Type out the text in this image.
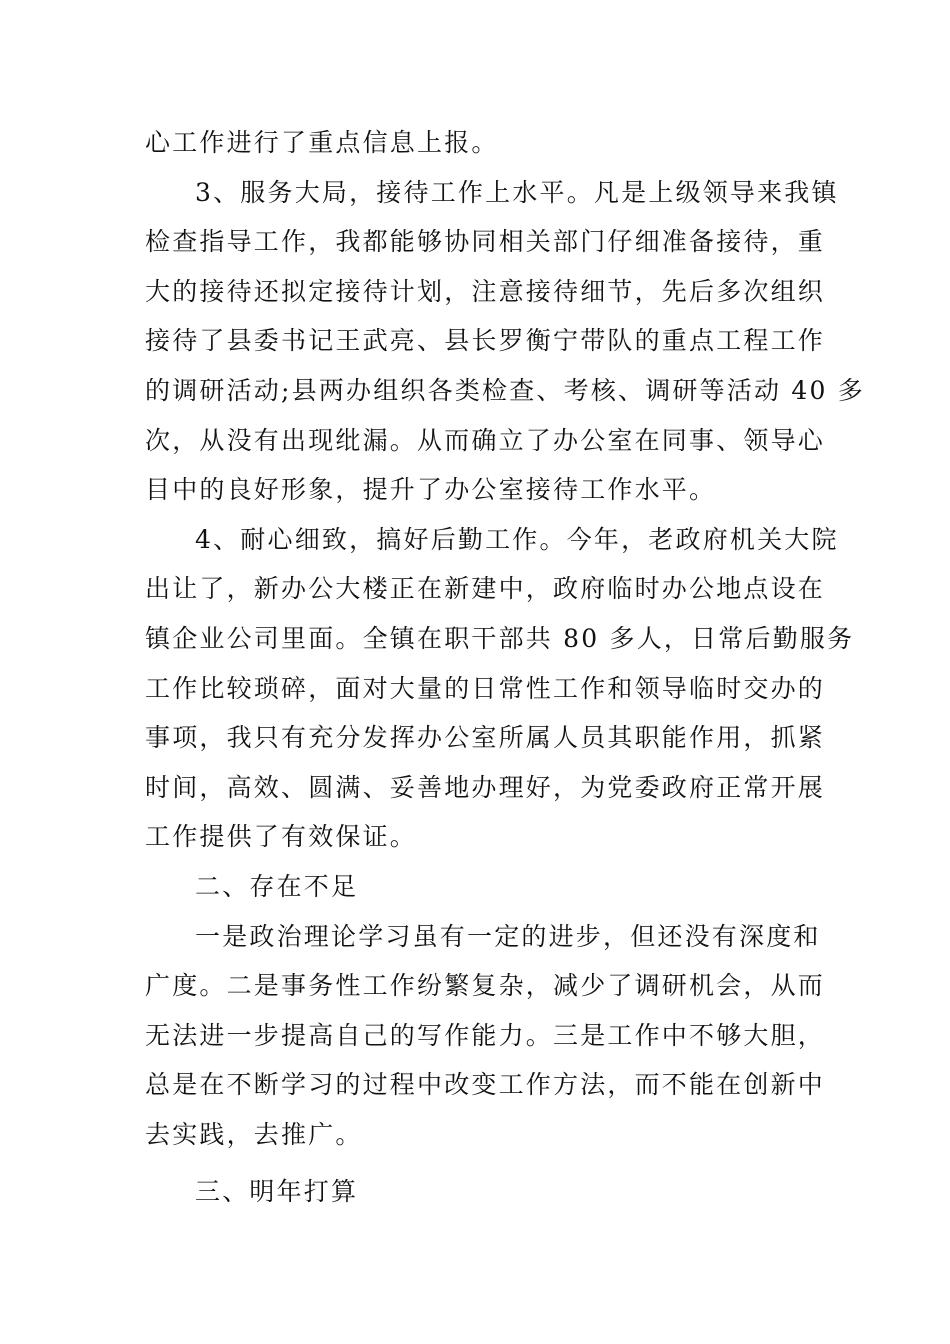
心工作进行了重点信息上报。
3、服务大局，接待工作上水平。凡是上级领导来我镇
检查指导工作，我都能够协同相关部门仔细准备接待，重
大的接待还拟定接待计划，注意接待细节，先后多次组织
接待了县委书记王武亮、县长罗衡宁带队的重点工程工作
的调研活动;县两办组织各类检查、考核、调研等活动 40 多
次，从没有出现纰漏。从而确立了办公室在同事、领导心
目中的良好形象，提升了办公室接待工作水平。
4、耐心细致，搞好后勤工作。今年，老政府机关大院
出让了，新办公大楼正在新建中，政府临时办公地点设在
镇企业公司里面。全镇在职干部共 80 多人，日常后勤服务
工作比较琐碎，面对大量的日常性工作和领导临时交办的
事项，我只有充分发挥办公室所属人员其职能作用，抓紧
时间，高效、圆满、妥善地办理好，为党委政府正常开展
工作提供了有效保证。
二、存在不足
一是政治理论学习虽有一定的进步，但还没有深度和
广度。二是事务性工作纷繁复杂，减少了调研机会，从而
无法进一步提高自己的写作能力。三是工作中不够大胆，
总是在不断学习的过程中改变工作方法，而不能在创新中
去实践，去推广。
三、明年打算
